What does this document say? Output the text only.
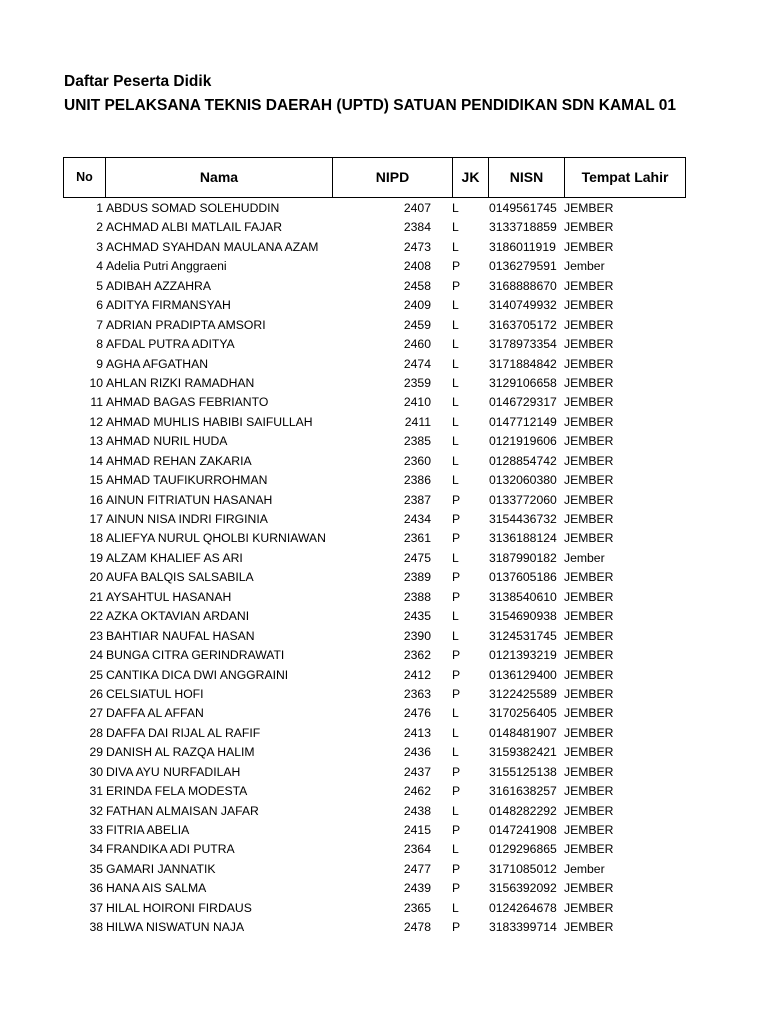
Daftar Peserta Didik
UNIT PELAKSANA TEKNIS DAERAH (UPTD) SATUAN PENDIDIKAN SDN KAMAL 01
No	Nama	NIPD	JK	NISN	Tempat Lahir
1 ABDUS SOMAD SOLEHUDDIN	2407 L 0149561745 JEMBER
2 ACHMAD ALBI MATLAIL FAJAR	2384 L 3133718859 JEMBER
3 ACHMAD SYAHDAN MAULANA AZAM	2473 L 3186011919 JEMBER
4 Adelia Putri Anggraeni	2408 P 0136279591 Jember
5 ADIBAH AZZAHRA	2458 P 3168888670 JEMBER
6 ADITYA FIRMANSYAH	2409 L 3140749932 JEMBER
7 ADRIAN PRADIPTA AMSORI	2459 L 3163705172 JEMBER
8 AFDAL PUTRA ADITYA	2460 L 3178973354 JEMBER
9 AGHA AFGATHAN	2474 L 3171884842 JEMBER
10 AHLAN RIZKI RAMADHAN	2359 L 3129106658 JEMBER
11 AHMAD BAGAS FEBRIANTO	2410 L 0146729317 JEMBER
12 AHMAD MUHLIS HABIBI SAIFULLAH	2411 L 0147712149 JEMBER
13 AHMAD NURIL HUDA	2385 L 0121919606 JEMBER
14 AHMAD REHAN ZAKARIA	2360 L 0128854742 JEMBER
15 AHMAD TAUFIKURROHMAN	2386 L 0132060380 JEMBER
16 AINUN FITRIATUN HASANAH	2387 P 0133772060 JEMBER
17 AINUN NISA INDRI FIRGINIA	2434 P 3154436732 JEMBER
18 ALIEFYA NURUL QHOLBI KURNIAWAN	2361 P 3136188124 JEMBER
19 ALZAM KHALIEF AS ARI	2475 L 3187990182 Jember
20 AUFA BALQIS SALSABILA	2389 P 0137605186 JEMBER
21 AYSAHTUL HASANAH	2388 P 3138540610 JEMBER
22 AZKA OKTAVIAN ARDANI	2435 L 3154690938 JEMBER
23 BAHTIAR NAUFAL HASAN	2390 L 3124531745 JEMBER
24 BUNGA CITRA GERINDRAWATI	2362 P 0121393219 JEMBER
25 CANTIKA DICA DWI ANGGRAINI	2412 P 0136129400 JEMBER
26 CELSIATUL HOFI	2363 P 3122425589 JEMBER
27 DAFFA AL AFFAN	2476 L 3170256405 JEMBER
28 DAFFA DAI RIJAL AL RAFIF	2413 L 0148481907 JEMBER
29 DANISH AL RAZQA HALIM	2436 L 3159382421 JEMBER
30 DIVA AYU NURFADILAH	2437 P 3155125138 JEMBER
31 ERINDA FELA MODESTA	2462 P 3161638257 JEMBER
32 FATHAN ALMAISAN JAFAR	2438 L 0148282292 JEMBER
33 FITRIA ABELIA	2415 P 0147241908 JEMBER
34 FRANDIKA ADI PUTRA	2364 L 0129296865 JEMBER
35 GAMARI JANNATIK	2477 P 3171085012 Jember
36 HANA AIS SALMA	2439 P 3156392092 JEMBER
37 HILAL HOIRONI FIRDAUS	2365 L 0124264678 JEMBER
38 HILWA NISWATUN NAJA	2478 P 3183399714 JEMBER
